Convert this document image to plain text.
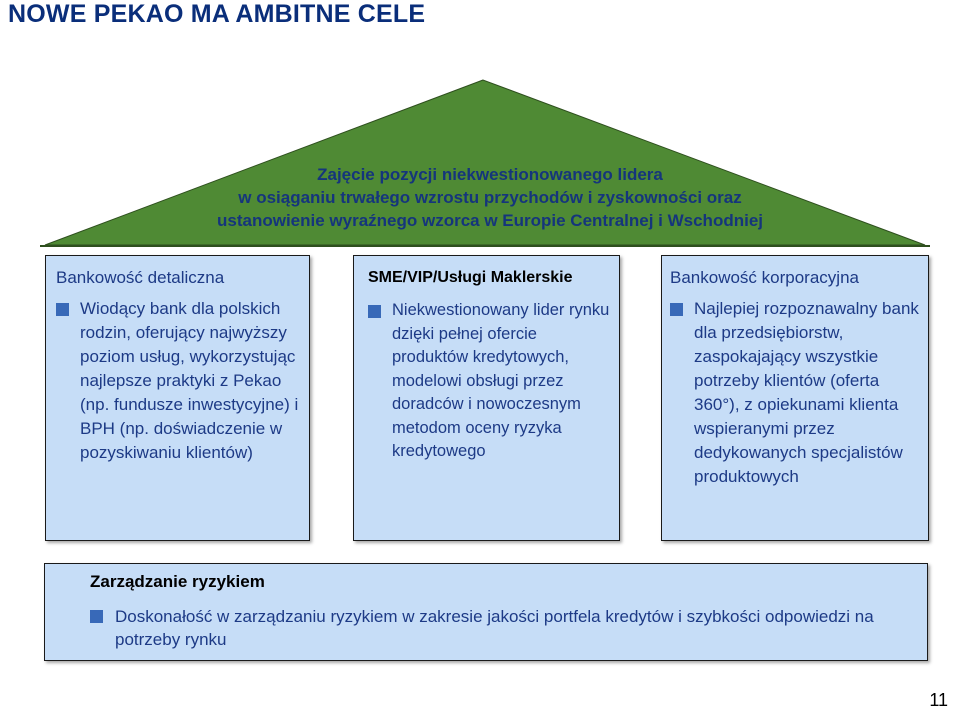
NOWE PEKAO MA AMBITNE CELE
Zajęcie pozycji niekwestionowanego lidera
w osiąganiu trwałego wzrostu przychodów i zyskowności oraz
ustanowienie wyraźnego wzorca w Europie Centralnej i Wschodniej
Bankowość detaliczna
Wiodący bank dla polskich rodzin, oferujący najwyższy poziom usług, wykorzystując najlepsze praktyki z Pekao (np. fundusze inwestycyjne) i BPH (np. doświadczenie w pozyskiwaniu klientów)
SME/VIP/Usługi Maklerskie
Niekwestionowany lider rynku dzięki pełnej ofercie produktów kredytowych, modelowi obsługi przez doradców i nowoczesnym metodom oceny ryzyka kredytowego
Bankowość korporacyjna
Najlepiej rozpoznawalny bank dla przedsiębiorstw, zaspokajający wszystkie potrzeby klientów (oferta 360°), z opiekunami klienta wspieranymi przez dedykowanych specjalistów produktowych
Zarządzanie ryzykiem
Doskonałość w zarządzaniu ryzykiem w zakresie jakości portfela kredytów i szybkości odpowiedzi na potrzeby rynku
11
